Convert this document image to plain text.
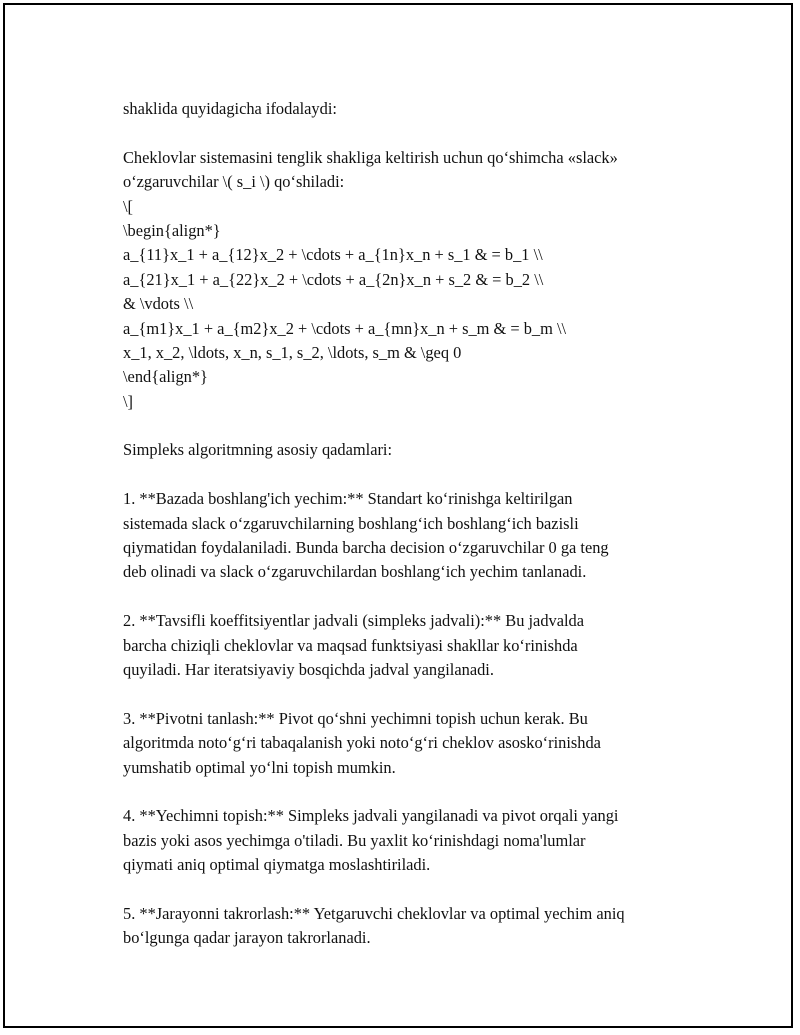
shaklida quyidagicha ifodalaydi:
Cheklovlar sistemasini tenglik shakliga keltirish uchun qo‘shimcha «slack»
o‘zgaruvchilar \( s_i \) qo‘shiladi:
\[
\begin{align*}
a_{11}x_1 + a_{12}x_2 + \cdots + a_{1n}x_n + s_1 & = b_1 \\
a_{21}x_1 + a_{22}x_2 + \cdots + a_{2n}x_n + s_2 & = b_2 \\
& \vdots \\
a_{m1}x_1 + a_{m2}x_2 + \cdots + a_{mn}x_n + s_m & = b_m \\
x_1, x_2, \ldots, x_n, s_1, s_2, \ldots, s_m & \geq 0
\end{align*}
\]
Simpleks algoritmning asosiy qadamlari:
1. **Bazada boshlang'ich yechim:** Standart ko‘rinishga keltirilgan
sistemada slack o‘zgaruvchilarning boshlang‘ich boshlang‘ich bazisli
qiymatidan foydalaniladi. Bunda barcha decision o‘zgaruvchilar 0 ga teng
deb olinadi va slack o‘zgaruvchilardan boshlang‘ich yechim tanlanadi.
2. **Tavsifli koeffitsiyentlar jadvali (simpleks jadvali):** Bu jadvalda
barcha chiziqli cheklovlar va maqsad funktsiyasi shakllar ko‘rinishda
quyiladi. Har iteratsiyaviy bosqichda jadval yangilanadi.
3. **Pivotni tanlash:** Pivot qo‘shni yechimni topish uchun kerak. Bu
algoritmda noto‘g‘ri tabaqalanish yoki noto‘g‘ri cheklov asosko‘rinishda
yumshatib optimal yo‘lni topish mumkin.
4. **Yechimni topish:** Simpleks jadvali yangilanadi va pivot orqali yangi
bazis yoki asos yechimga o'tiladi. Bu yaxlit ko‘rinishdagi noma'lumlar
qiymati aniq optimal qiymatga moslashtiriladi.
5. **Jarayonni takrorlash:** Yetgaruvchi cheklovlar va optimal yechim aniq
bo‘lgunga qadar jarayon takrorlanadi.
